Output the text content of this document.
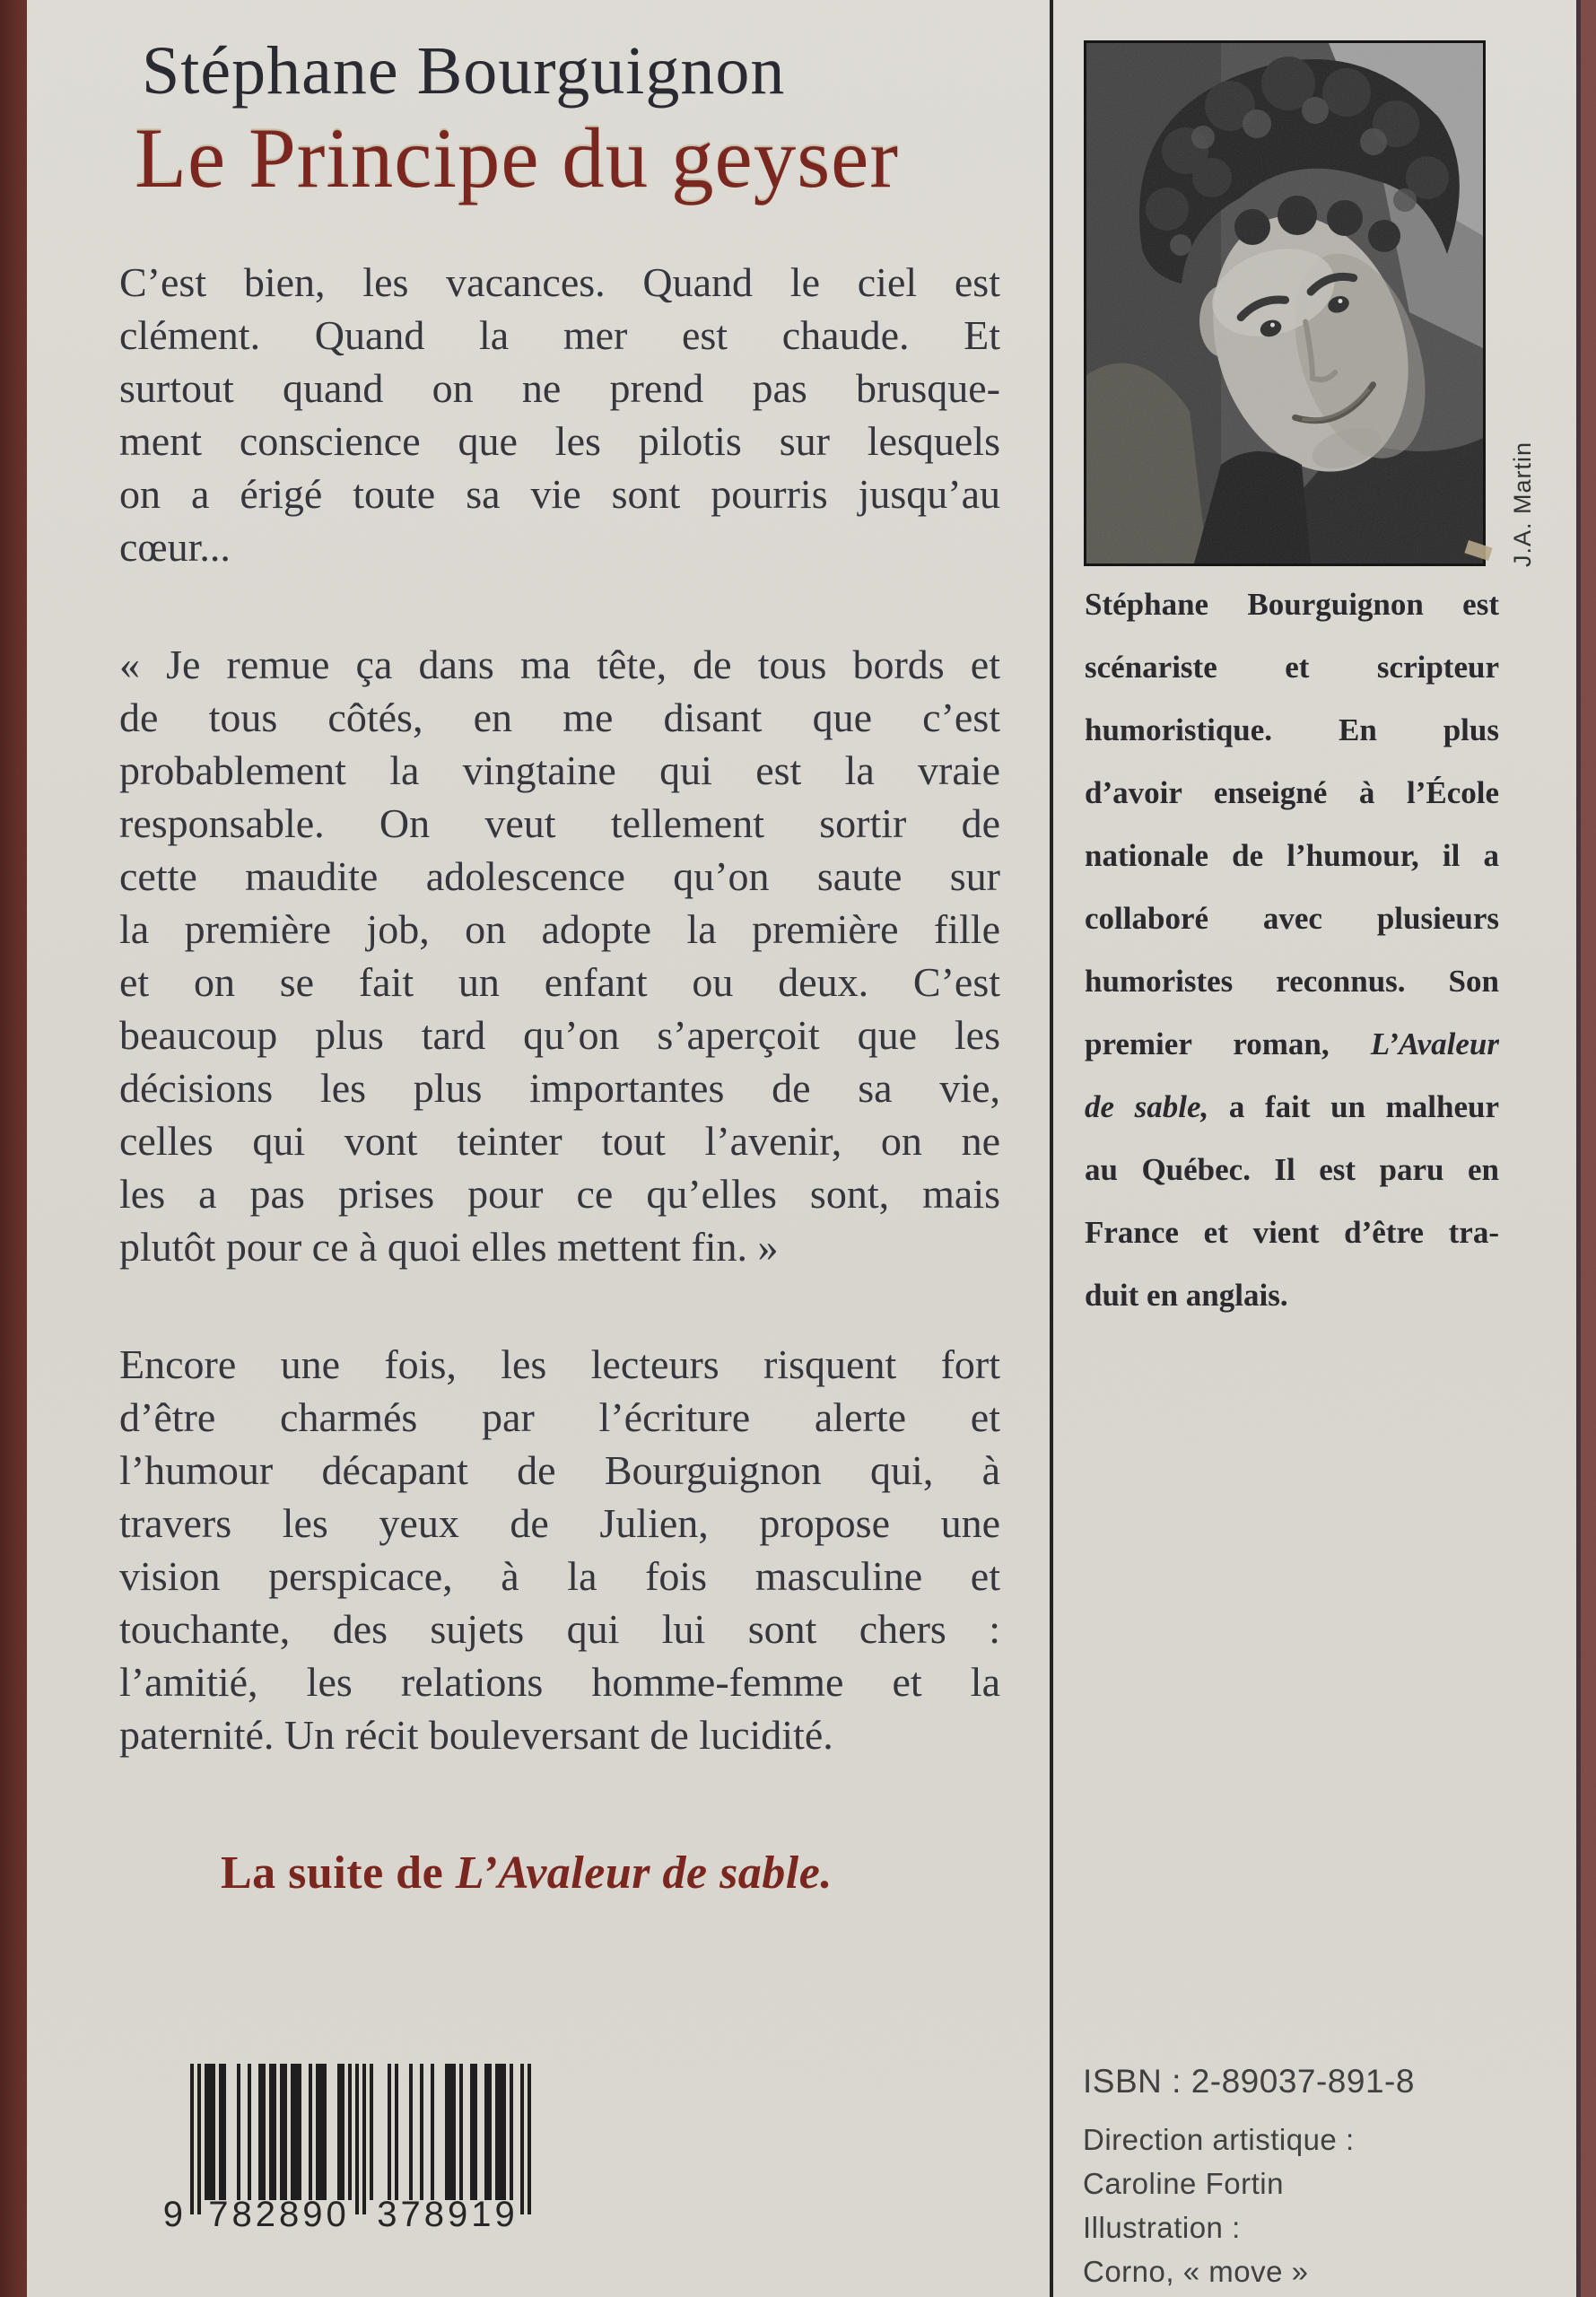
Stéphane Bourguignon
Le Principe du geyser
C’est bien, les vacances. Quand le ciel est
clément. Quand la mer est chaude. Et
surtout quand on ne prend pas brusque-
ment conscience que les pilotis sur lesquels
on a érigé toute sa vie sont pourris jusqu’au
cœur...
« Je remue ça dans ma tête, de tous bords et
de tous côtés, en me disant que c’est
probablement la vingtaine qui est la vraie
responsable. On veut tellement sortir de
cette maudite adolescence qu’on saute sur
la première job, on adopte la première fille
et on se fait un enfant ou deux. C’est
beaucoup plus tard qu’on s’aperçoit que les
décisions les plus importantes de sa vie,
celles qui vont teinter tout l’avenir, on ne
les a pas prises pour ce qu’elles sont, mais
plutôt pour ce à quoi elles mettent fin. »
Encore une fois, les lecteurs risquent fort
d’être charmés par l’écriture alerte et
l’humour décapant de Bourguignon qui, à
travers les yeux de Julien, propose une
vision perspicace, à la fois masculine et
touchante, des sujets qui lui sont chers :
l’amitié, les relations homme-femme et la
paternité. Un récit bouleversant de lucidité.
La suite de L’Avaleur de sable.
9 782890 378919
J.A. Martin
Stéphane Bourguignon est
scénariste et scripteur
humoristique. En plus
d’avoir enseigné à l’École
nationale de l’humour, il a
collaboré avec plusieurs
humoristes reconnus. Son
premier roman, L’Avaleur
de sable, a fait un malheur
au Québec. Il est paru en
France et vient d’être tra-
duit en anglais.
ISBN : 2-89037-891-8
Direction artistique :
Caroline Fortin
Illustration :
Corno, « move »
